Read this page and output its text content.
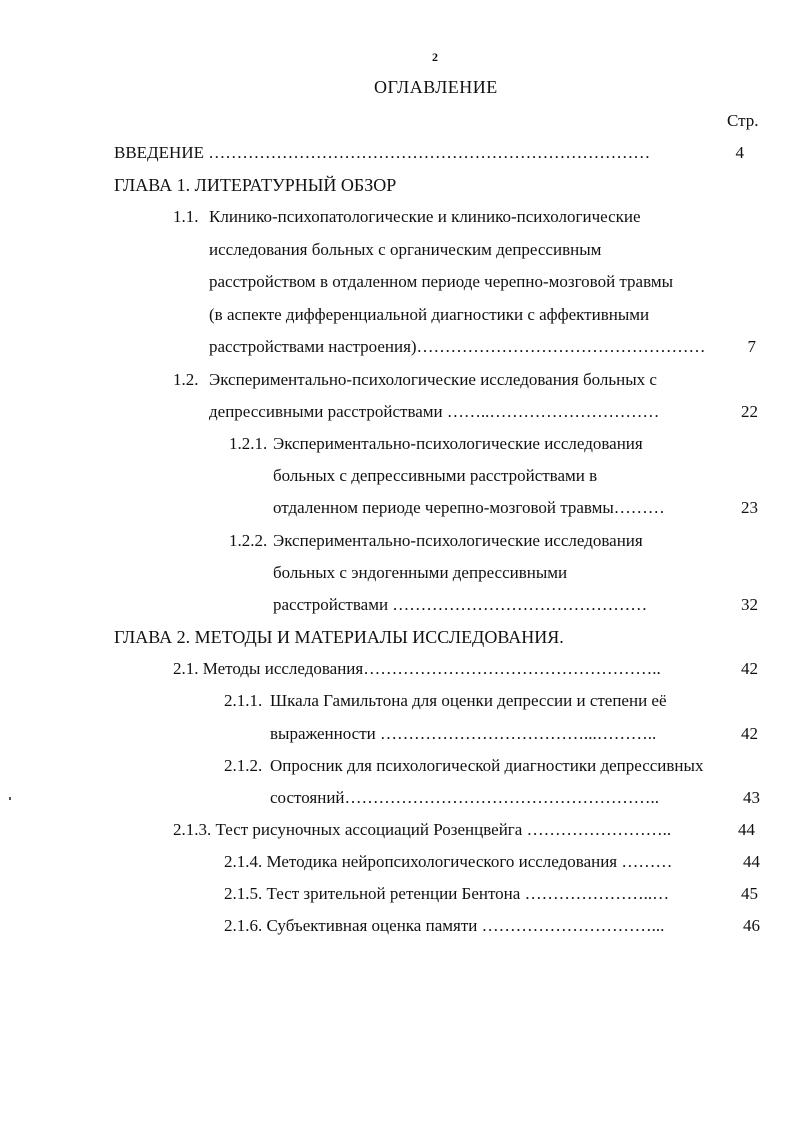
2
ОГЛАВЛЕНИЕ
Стр.
ВВЕДЕНИЕ ……………………………………………………………………	4
ГЛАВА 1. ЛИТЕРАТУРНЫЙ ОБЗОР
1.1. Клинико-психопатологические и клинико-психологические
исследования больных с органическим депрессивным
расстройством в отдаленном периоде черепно-мозговой травмы
(в аспекте дифференциальной диагностики с аффективными
расстройствами настроения)……………………………………………	7
1.2. Экспериментально-психологические исследования больных с
депрессивными расстройствами ……..…………………………	22
1.2.1. Экспериментально-психологические исследования
больных с депрессивными расстройствами в
отдаленном периоде черепно-мозговой травмы………	23
1.2.2. Экспериментально-психологические исследования
больных с эндогенными депрессивными
расстройствами ………………………………………	32
ГЛАВА 2. МЕТОДЫ И МАТЕРИАЛЫ ИССЛЕДОВАНИЯ.
2.1. Методы исследования……………………………………………..	42
2.1.1. Шкала Гамильтона для оценки депрессии и степени её
выраженности ………………………………...………..	42
2.1.2. Опросник для психологической диагностики депрессивных
состояний………………………………………………..	43
2.1.3. Тест рисуночных ассоциаций Розенцвейга ……………………..	44
2.1.4. Методика нейропсихологического исследования ………	44
2.1.5. Тест зрительной ретенции Бентона …………………..…	45
2.1.6. Субъективная оценка памяти …………………………...	46
